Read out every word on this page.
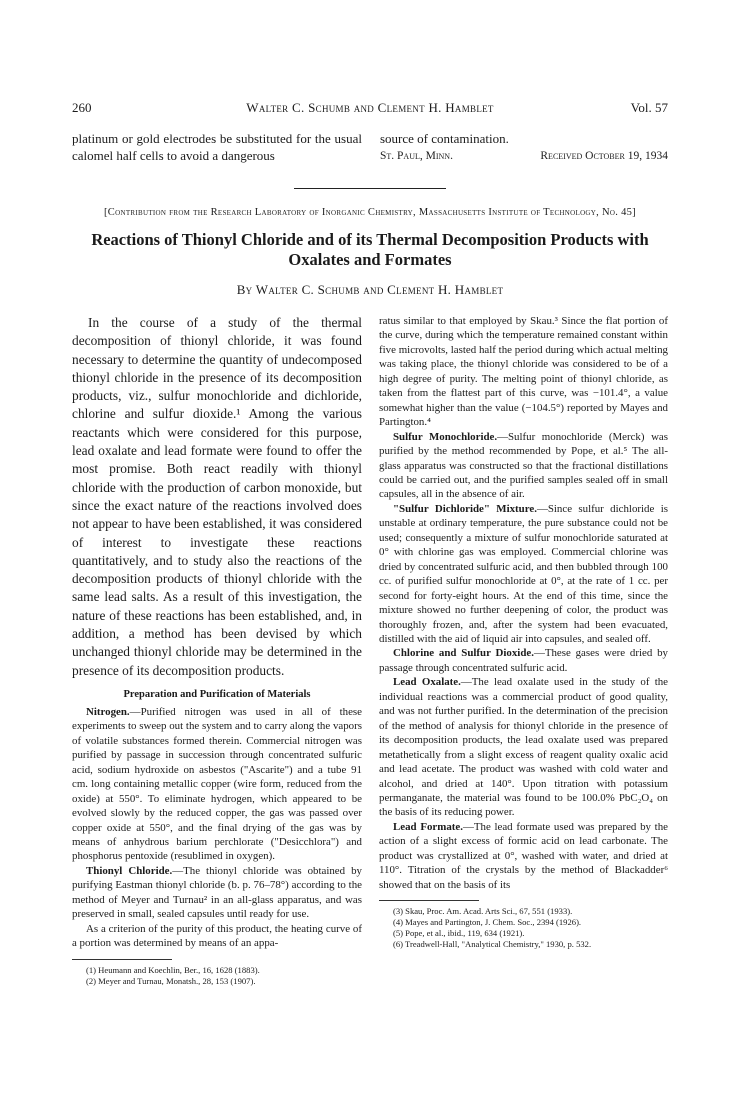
260	Walter C. Schumb and Clement H. Hamblet	Vol. 57
platinum or gold electrodes be substituted for the usual calomel half cells to avoid a dangerous
source of contamination.
St. Paul, Minn.	Received October 19, 1934
[Contribution from the Research Laboratory of Inorganic Chemistry, Massachusetts Institute of Technology, No. 45]
Reactions of Thionyl Chloride and of its Thermal Decomposition Products with Oxalates and Formates
By Walter C. Schumb and Clement H. Hamblet

In the course of a study of the thermal decomposition of thionyl chloride, it was found necessary to determine the quantity of undecomposed thionyl chloride in the presence of its decomposition products, viz., sulfur monochloride and dichloride, chlorine and sulfur dioxide.¹ Among the various reactants which were considered for this purpose, lead oxalate and lead formate were found to offer the most promise. Both react readily with thionyl chloride with the production of carbon monoxide, but since the exact nature of the reactions involved does not appear to have been established, it was considered of interest to investigate these reactions quantitatively, and to study also the reactions of the decomposition products of thionyl chloride with the same lead salts. As a result of this investigation, the nature of these reactions has been established, and, in addition, a method has been devised by which unchanged thionyl chloride may be determined in the presence of its decomposition products.

Preparation and Purification of Materials

Nitrogen.—Purified nitrogen was used in all of these experiments to sweep out the system and to carry along the vapors of volatile substances formed therein. Commercial nitrogen was purified by passage in succession through concentrated sulfuric acid, sodium hydroxide on asbestos ("Ascarite") and a tube 91 cm. long containing metallic copper (wire form, reduced from the oxide) at 550°. To eliminate hydrogen, which appeared to be evolved slowly by the reduced copper, the gas was passed over copper oxide at 550°, and the final drying of the gas was by means of anhydrous barium perchlorate ("Desicchlora") and phosphorus pentoxide (resublimed in oxygen).

Thionyl Chloride.—The thionyl chloride was obtained by purifying Eastman thionyl chloride (b. p. 76–78°) according to the method of Meyer and Turnau² in an all-glass apparatus, and was preserved in small, sealed capsules until ready for use.

As a criterion of the purity of this product, the heating curve of a portion was determined by means of an appa-

(1) Heumann and Koechlin, Ber., 16, 1628 (1883).
(2) Meyer and Turnau, Monatsh., 28, 153 (1907).

ratus similar to that employed by Skau.³ Since the flat portion of the curve, during which the temperature remained constant within five microvolts, lasted half the period during which actual melting was taking place, the thionyl chloride was considered to be of a high degree of purity. The melting point of thionyl chloride, as taken from the flattest part of this curve, was −101.4°, a value somewhat higher than the value (−104.5°) reported by Mayes and Partington.⁴

Sulfur Monochloride.—Sulfur monochloride (Merck) was purified by the method recommended by Pope, et al.⁵ The all-glass apparatus was constructed so that the fractional distillations could be carried out, and the purified samples sealed off in small capsules, all in the absence of air.

"Sulfur Dichloride" Mixture.—Since sulfur dichloride is unstable at ordinary temperature, the pure substance could not be used; consequently a mixture of sulfur monochloride saturated at 0° with chlorine gas was employed. Commercial chlorine was dried by concentrated sulfuric acid, and then bubbled through 100 cc. of purified sulfur monochloride at 0°, at the rate of 1 cc. per second for forty-eight hours. At the end of this time, since the mixture showed no further deepening of color, the product was thoroughly frozen, and, after the system had been evacuated, distilled with the aid of liquid air into capsules, and sealed off.

Chlorine and Sulfur Dioxide.—These gases were dried by passage through concentrated sulfuric acid.

Lead Oxalate.—The lead oxalate used in the study of the individual reactions was a commercial product of good quality, and was not further purified. In the determination of the precision of the method of analysis for thionyl chloride in the presence of its decomposition products, the lead oxalate used was prepared metathetically from a slight excess of reagent quality oxalic acid and lead acetate. The product was washed with cold water and alcohol, and dried at 140°. Upon titration with potassium permanganate, the material was found to be 100.0% PbC₂O₄ on the basis of its reducing power.

Lead Formate.—The lead formate used was prepared by the action of a slight excess of formic acid on lead carbonate. The product was crystallized at 0°, washed with water, and dried at 110°. Titration of the crystals by the method of Blackadder⁶ showed that on the basis of its

(3) Skau, Proc. Am. Acad. Arts Sci., 67, 551 (1933).
(4) Mayes and Partington, J. Chem. Soc., 2394 (1926).
(5) Pope, et al., ibid., 119, 634 (1921).
(6) Treadwell-Hall, "Analytical Chemistry," 1930, p. 532.
